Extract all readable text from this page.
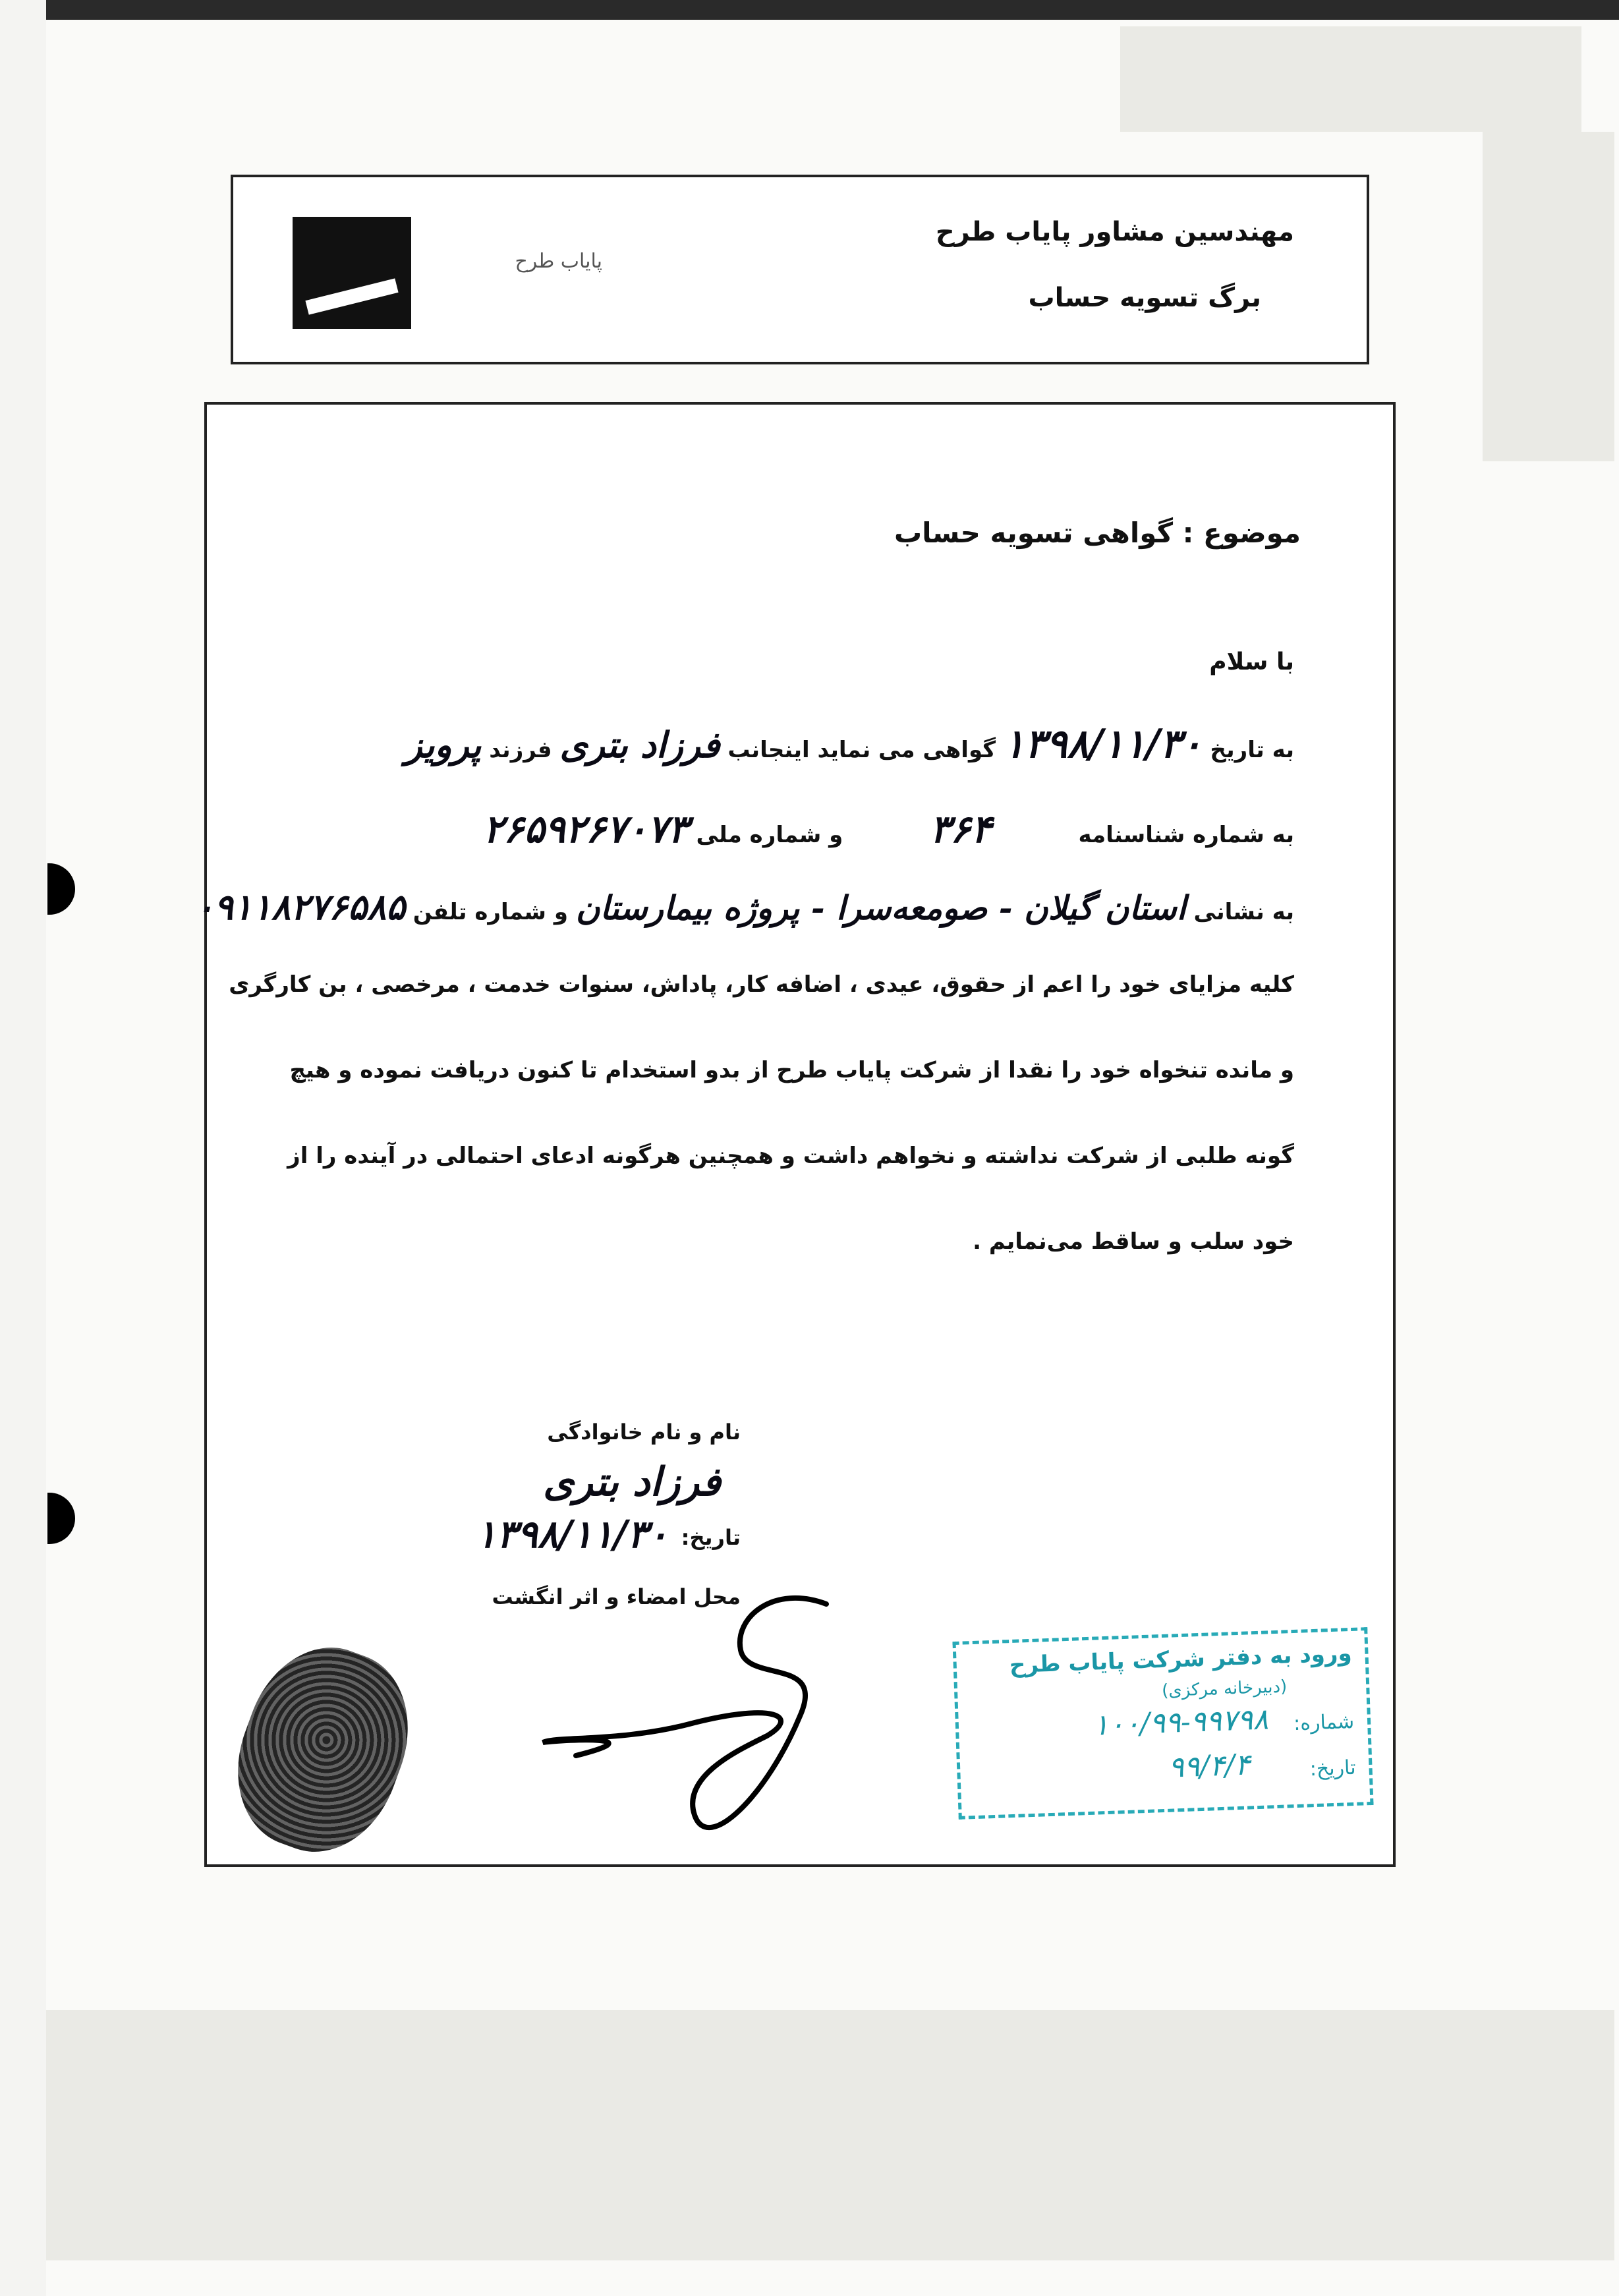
پایاب طرح
مهندسین مشاور پایاب طرح
برگ تسویه حساب
موضوع : گواهی تسویه حساب
با سلام
به تاریخ ۱۳۹۸/۱۱/۳۰ گواهی می نماید اینجانب فرزاد بتری فرزند پرویز
به شماره شناسنامه ۳۶۴ و شماره ملی ۲۶۵۹۲۶۷۰۷۳
به نشانی استان گیلان - صومعه‌سرا - پروژه بیمارستان و شماره تلفن ۰۹۱۱۸۲۷۶۵۸۵
کلیه مزایای خود را اعم از حقوق، عیدی ، اضافه کار، پاداش، سنوات خدمت ، مرخصی ، بن کارگری
و مانده تنخواه خود را نقدا از شرکت پایاب طرح از بدو استخدام تا کنون دریافت نموده و هیچ
گونه طلبی از شرکت نداشته و نخواهم داشت و همچنین هرگونه ادعای احتمالی در آینده را از
خود سلب و ساقط می‌نمایم .
نام و نام خانوادگی
فرزاد بتری
تاریخ:
۱۳۹۸/۱۱/۳۰
محل امضاء و اثر انگشت
ورود به دفتر شرکت پایاب طرح
(دبیرخانه مرکزی)
شماره:
۱۰۰/۹۹-۹۹۷۹۸
تاریخ:
۹۹/۴/۴
